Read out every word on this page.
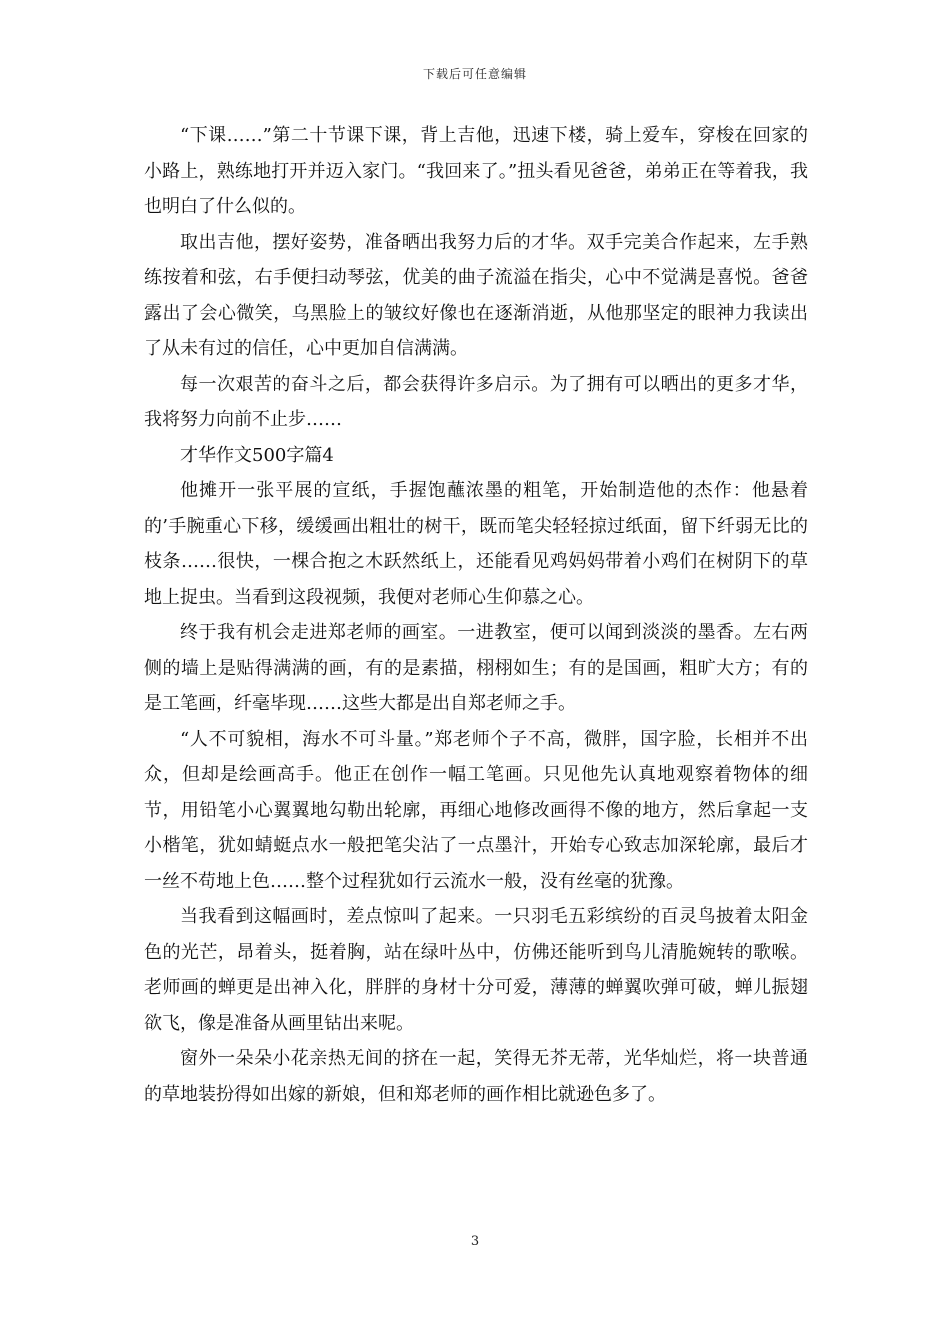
下载后可任意编辑

“下课……”第二十节课下课，背上吉他，迅速下楼，骑上爱车，穿梭在回家的小路上，熟练地打开并迈入家门。“我回来了。”扭头看见爸爸，弟弟正在等着我，我也明白了什么似的。

取出吉他，摆好姿势，准备晒出我努力后的才华。双手完美合作起来，左手熟练按着和弦，右手便扫动琴弦，优美的曲子流溢在指尖，心中不觉满是喜悦。爸爸露出了会心微笑，乌黑脸上的皱纹好像也在逐渐消逝，从他那坚定的眼神力我读出了从未有过的信任，心中更加自信满满。

每一次艰苦的奋斗之后，都会获得许多启示。为了拥有可以晒出的更多才华，我将努力向前不止步……

才华作文500字篇4

他摊开一张平展的宣纸，手握饱蘸浓墨的粗笔，开始制造他的杰作：他悬着的’手腕重心下移，缓缓画出粗壮的树干，既而笔尖轻轻掠过纸面，留下纤弱无比的枝条……很快，一棵合抱之木跃然纸上，还能看见鸡妈妈带着小鸡们在树阴下的草地上捉虫。当看到这段视频，我便对老师心生仰慕之心。

终于我有机会走进郑老师的画室。一进教室，便可以闻到淡淡的墨香。左右两侧的墙上是贴得满满的画，有的是素描，栩栩如生；有的是国画，粗旷大方；有的是工笔画，纤毫毕现……这些大都是出自郑老师之手。

“人不可貌相，海水不可斗量。”郑老师个子不高，微胖，国字脸，长相并不出众，但却是绘画高手。他正在创作一幅工笔画。只见他先认真地观察着物体的细节，用铅笔小心翼翼地勾勒出轮廓，再细心地修改画得不像的地方，然后拿起一支小楷笔，犹如蜻蜓点水一般把笔尖沾了一点墨汁，开始专心致志加深轮廓，最后才一丝不苟地上色……整个过程犹如行云流水一般，没有丝毫的犹豫。

当我看到这幅画时，差点惊叫了起来。一只羽毛五彩缤纷的百灵鸟披着太阳金色的光芒，昂着头，挺着胸，站在绿叶丛中，仿佛还能听到鸟儿清脆婉转的歌喉。老师画的蝉更是出神入化，胖胖的身材十分可爱，薄薄的蝉翼吹弹可破，蝉儿振翅欲飞，像是准备从画里钻出来呢。

窗外一朵朵小花亲热无间的挤在一起，笑得无芥无蒂，光华灿烂，将一块普通的草地装扮得如出嫁的新娘，但和郑老师的画作相比就逊色多了。

3
